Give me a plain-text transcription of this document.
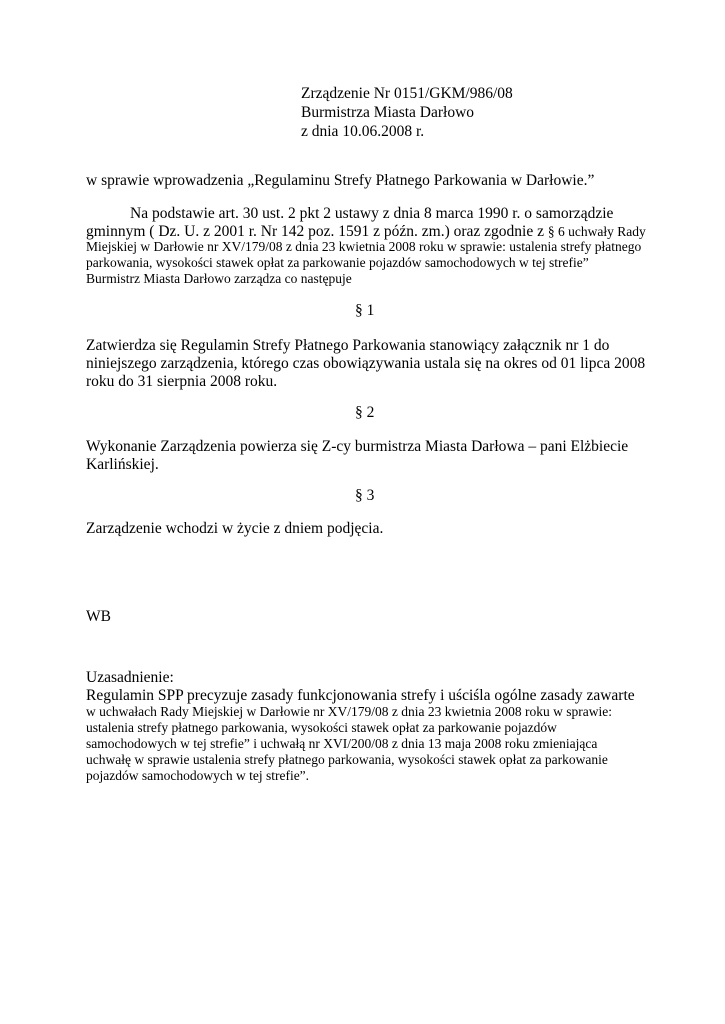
Zrządzenie Nr 0151/GKM/986/08
Burmistrza Miasta Darłowo
z dnia 10.06.2008 r.
w sprawie wprowadzenia „Regulaminu Strefy Płatnego Parkowania w Darłowie.”
Na podstawie art. 30 ust. 2 pkt 2 ustawy z dnia 8 marca 1990 r. o samorządzie
gminnym ( Dz. U. z 2001 r. Nr 142 poz. 1591 z późn. zm.) oraz zgodnie z § 6 uchwały Rady
Miejskiej w Darłowie nr XV/179/08 z dnia 23 kwietnia 2008 roku w sprawie: ustalenia strefy płatnego
parkowania, wysokości stawek opłat za parkowanie pojazdów samochodowych w tej strefie”
Burmistrz Miasta Darłowo zarządza co następuje
§ 1
Zatwierdza się Regulamin Strefy Płatnego Parkowania stanowiący załącznik nr 1 do
niniejszego zarządzenia, którego czas obowiązywania ustala się na okres od 01 lipca 2008
roku do 31 sierpnia 2008 roku.
§ 2
Wykonanie Zarządzenia powierza się Z-cy burmistrza Miasta Darłowa – pani Elżbiecie
Karlińskiej.
§ 3
Zarządzenie wchodzi w życie z dniem podjęcia.
WB
Uzasadnienie:
Regulamin SPP precyzuje zasady funkcjonowania strefy i uściśla ogólne zasady zawarte
w uchwałach Rady Miejskiej w Darłowie nr XV/179/08 z dnia 23 kwietnia 2008 roku w sprawie:
ustalenia strefy płatnego parkowania, wysokości stawek opłat za parkowanie pojazdów
samochodowych w tej strefie” i uchwałą nr XVI/200/08 z dnia 13 maja 2008 roku zmieniająca
uchwałę w sprawie ustalenia strefy płatnego parkowania, wysokości stawek opłat za parkowanie
pojazdów samochodowych w tej strefie”.
